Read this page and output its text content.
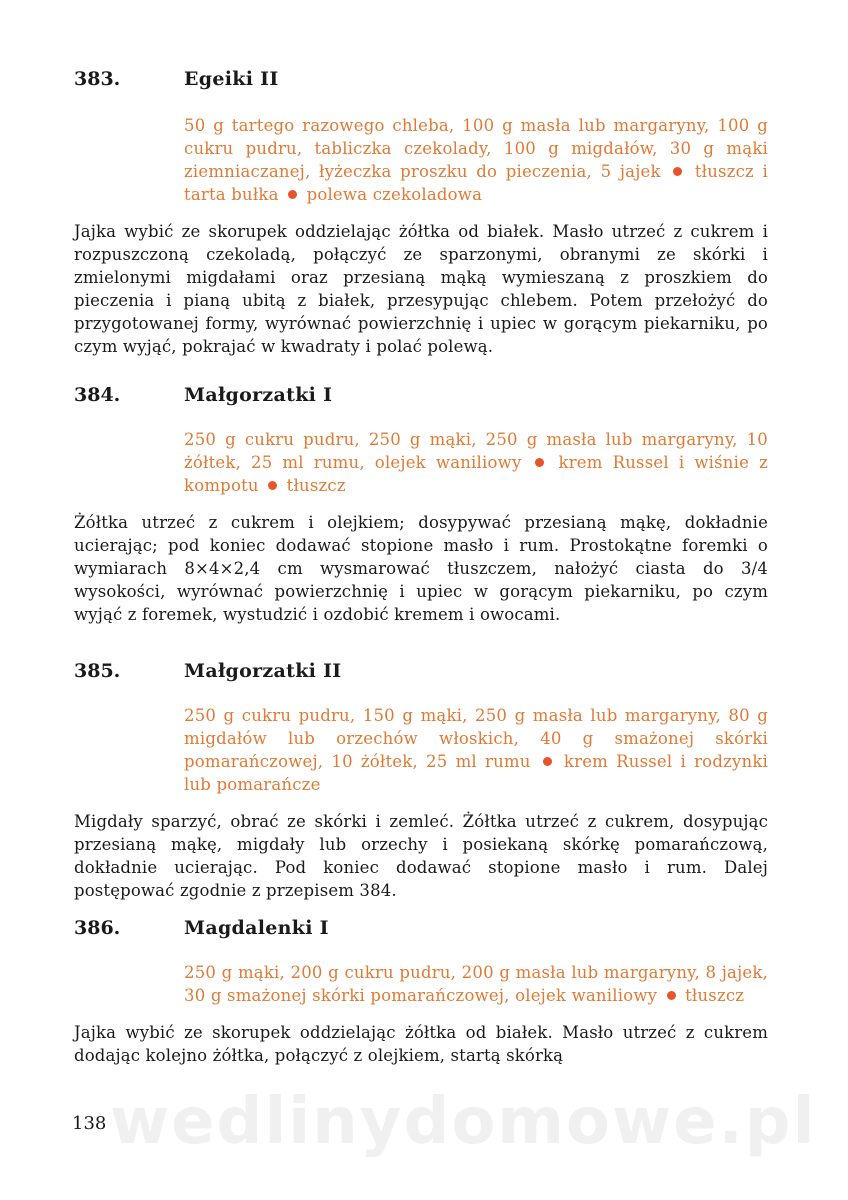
383.	Egeiki II
50 g tartego razowego chleba, 100 g masła lub margaryny, 100 g cukru pudru, tabliczka czekolady, 100 g migdałów, 30 g mąki ziemniaczanej, łyżeczka proszku do pieczenia, 5 jajek tłuszcz i tarta bułka polewa czekoladowa
Jajka wybić ze skorupek oddzielając żółtka od białek. Masło utrzeć z cukrem i rozpuszczoną czekoladą, połączyć ze sparzonymi, obranymi ze skórki i zmielonymi migdałami oraz przesianą mąką wymieszaną z proszkiem do pieczenia i pianą ubitą z białek, przesypując chlebem. Potem przełożyć do przygotowanej formy, wyrównać powierzchnię i upiec w gorącym piekarniku, po czym wyjąć, pokrajać w kwadraty i polać polewą.
384.	Małgorzatki I
250 g cukru pudru, 250 g mąki, 250 g masła lub margaryny, 10 żółtek, 25 ml rumu, olejek waniliowy krem Russel i wiśnie z kompotu tłuszcz
Żółtka utrzeć z cukrem i olejkiem; dosypywać przesianą mąkę, dokładnie ucierając; pod koniec dodawać stopione masło i rum. Prostokątne foremki o wymiarach 8×4×2,4 cm wysmarować tłuszczem, nałożyć ciasta do 3/4 wysokości, wyrównać powierzchnię i upiec w gorącym piekarniku, po czym wyjąć z foremek, wystudzić i ozdobić kremem i owocami.
385.	Małgorzatki II
250 g cukru pudru, 150 g mąki, 250 g masła lub margaryny, 80 g migdałów lub orzechów włoskich, 40 g smażonej skórki pomarańczowej, 10 żółtek, 25 ml rumu krem Russel i rodzynki lub pomarańcze
Migdały sparzyć, obrać ze skórki i zemleć. Żółtka utrzeć z cukrem, dosypując przesianą mąkę, migdały lub orzechy i posiekaną skórkę pomarańczową, dokładnie ucierając. Pod koniec dodawać stopione masło i rum. Dalej postępować zgodnie z przepisem 384.
386.	Magdalenki I
250 g mąki, 200 g cukru pudru, 200 g masła lub margaryny, 8 jajek, 30 g smażonej skórki pomarańczowej, olejek waniliowy tłuszcz
Jajka wybić ze skorupek oddzielając żółtka od białek. Masło utrzeć z cukrem dodając kolejno żółtka, połączyć z olejkiem, startą skórką
wedlinydomowe.pl
138
